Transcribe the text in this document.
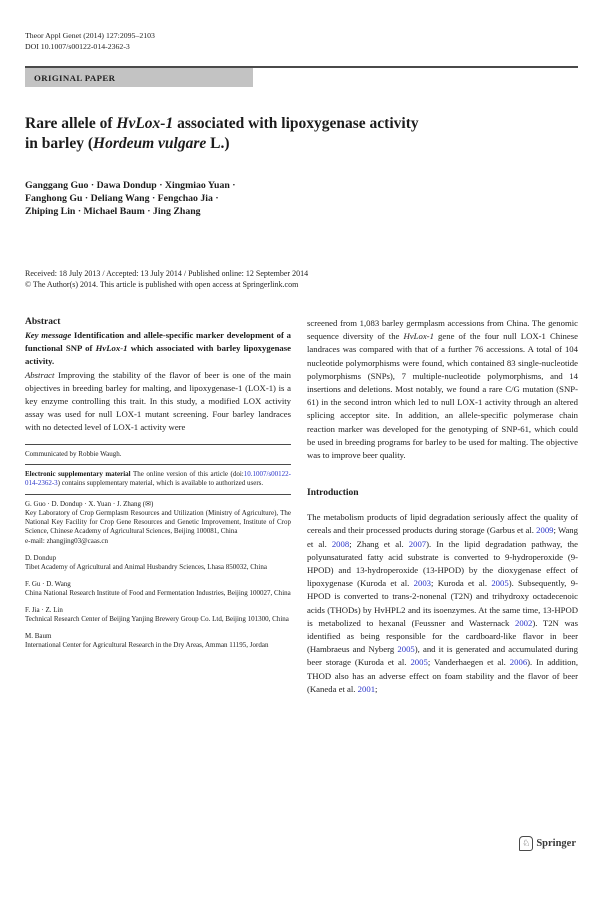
Theor Appl Genet (2014) 127:2095–2103
DOI 10.1007/s00122-014-2362-3
ORIGINAL PAPER
Rare allele of HvLox-1 associated with lipoxygenase activity
in barley (Hordeum vulgare L.)
Ganggang Guo · Dawa Dondup · Xingmiao Yuan ·
Fanghong Gu · Deliang Wang · Fengchao Jia ·
Zhiping Lin · Michael Baum · Jing Zhang
Received: 18 July 2013 / Accepted: 13 July 2014 / Published online: 12 September 2014
© The Author(s) 2014. This article is published with open access at Springerlink.com
Abstract

Key message Identification and allele-specific marker development of a functional SNP of HvLox-1 which associated with barley lipoxygenase activity.

Abstract Improving the stability of the flavor of beer is one of the main objectives in breeding barley for malting, and lipoxygenase-1 (LOX-1) is a key enzyme controlling this trait. In this study, a modified LOX activity assay was used for null LOX-1 mutant screening. Four barley landraces with no detected level of LOX-1 activity were

Communicated by Robbie Waugh.
Electronic supplementary material The online version of this article (doi:10.1007/s00122-014-2362-3) contains supplementary material, which is available to authorized users.
G. Guo · D. Dondup · X. Yuan · J. Zhang (✉)
Key Laboratory of Crop Germplasm Resources and Utilization (Ministry of Agriculture), The National Key Facility for Crop Gene Resources and Genetic Improvement, Institute of Crop Science, Chinese Academy of Agricultural Sciences, Beijing 100081, China
e-mail: zhangjing03@caas.cn
D. Dondup
Tibet Academy of Agricultural and Animal Husbandry Sciences, Lhasa 850032, China
F. Gu · D. Wang
China National Research Institute of Food and Fermentation Industries, Beijing 100027, China
F. Jia · Z. Lin
Technical Research Center of Beijing Yanjing Brewery Group Co. Ltd, Beijing 101300, China
M. Baum
International Center for Agricultural Research in the Dry Areas, Amman 11195, Jordan

screened from 1,083 barley germplasm accessions from China. The genomic sequence diversity of the HvLox-1 gene of the four null LOX-1 Chinese landraces was compared with that of a further 76 accessions. A total of 104 nucleotide polymorphisms were found, which contained 83 single-nucleotide polymorphisms (SNPs), 7 multiple-nucleotide polymorphisms, and 14 insertions and deletions. Most notably, we found a rare C/G mutation (SNP-61) in the second intron which led to null LOX-1 activity through an altered splicing acceptor site. In addition, an allele-specific polymerase chain reaction marker was developed for the genotyping of SNP-61, which could be used in breeding programs for barley to be used for malting. The objective was to improve beer quality.

Introduction

The metabolism products of lipid degradation seriously affect the quality of cereals and their processed products during storage (Garbus et al. 2009; Wang et al. 2008; Zhang et al. 2007). In the lipid degradation pathway, the polyunsaturated fatty acid substrate is converted to 9-hydroperoxide (9-HPOD) and 13-hydroperoxide (13-HPOD) by the dioxygenase effect of lipoxygenase (Kuroda et al. 2003; Kuroda et al. 2005). Subsequently, 9-HPOD is converted to trans-2-nonenal (T2N) and trihydroxy octadecenoic acids (THODs) by HvHPL2 and its isoenzymes. At the same time, 13-HPOD is metabolized to hexanal (Feussner and Wasternack 2002). T2N was identified as being responsible for the cardboard-like flavor in beer (Hambraeus and Nyberg 2005), and it is generated and accumulated during beer storage (Kuroda et al. 2005; Vanderhaegen et al. 2006). In addition, THOD also has an adverse effect on foam stability and the flavor of beer (Kaneda et al. 2001;

♘ Springer
